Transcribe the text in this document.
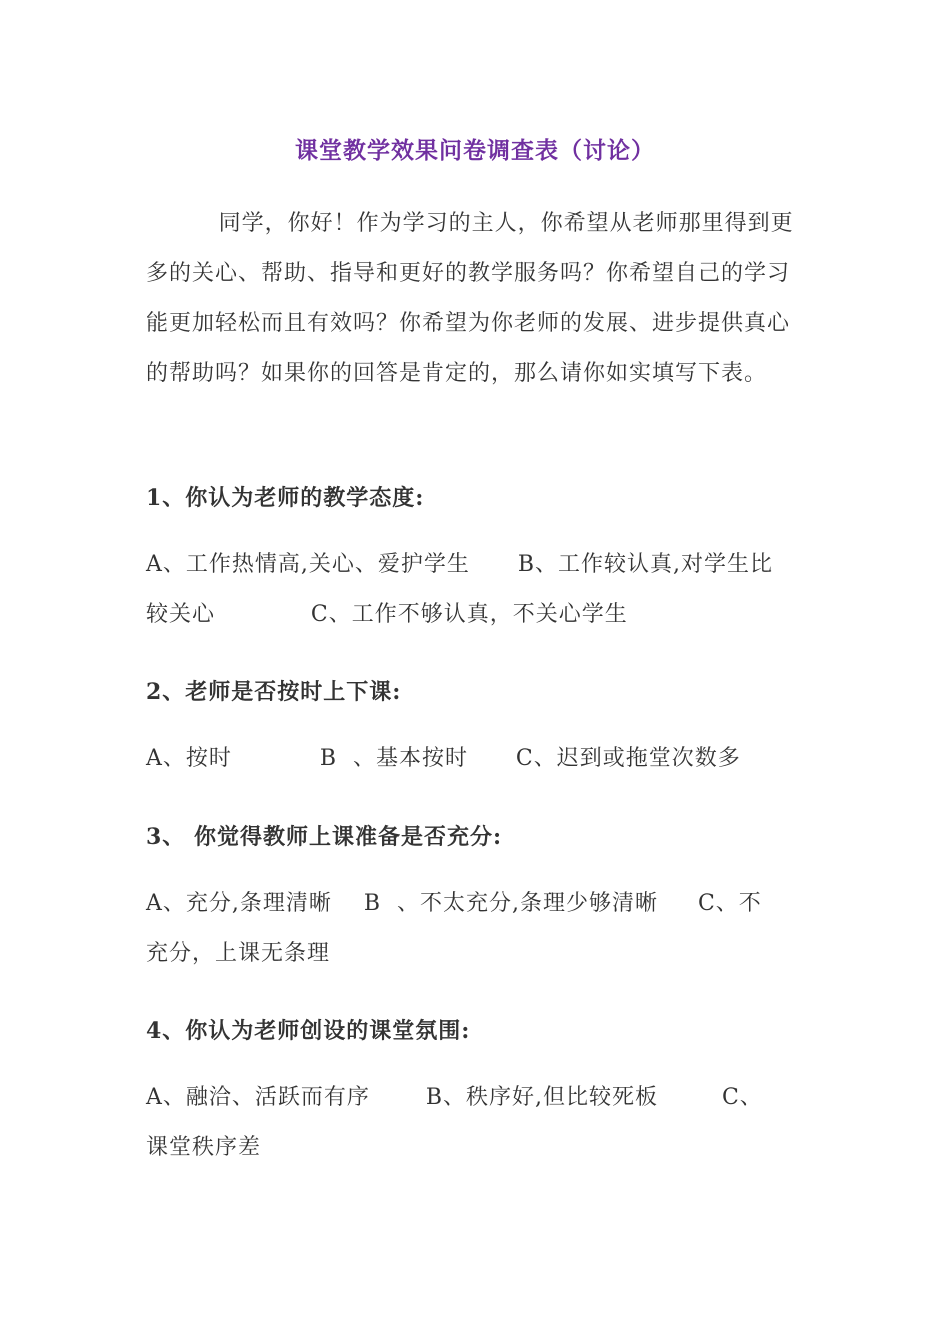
课堂教学效果问卷调查表（讨论）

同学，你好！作为学习的主人，你希望从老师那里得到更多的关心、帮助、指导和更好的教学服务吗？你希望自己的学习能更加轻松而且有效吗？你希望为你老师的发展、进步提供真心的帮助吗？如果你的回答是肯定的，那么请你如实填写下表。

1、你认为老师的教学态度:

A、工作热情高,关心、爱护学生      B、工作较认真,对学生比

较关心            C、工作不够认真，不关心学生

2、老师是否按时上下课:

A、按时           B  、基本按时      C、迟到或拖堂次数多

3、 你觉得教师上课准备是否充分:

A、充分,条理清晰    B  、不太充分,条理少够清晰     C、不

充分，上课无条理

4、你认为老师创设的课堂氛围:

A、融洽、活跃而有序       B、秩序好,但比较死板        C、

课堂秩序差
